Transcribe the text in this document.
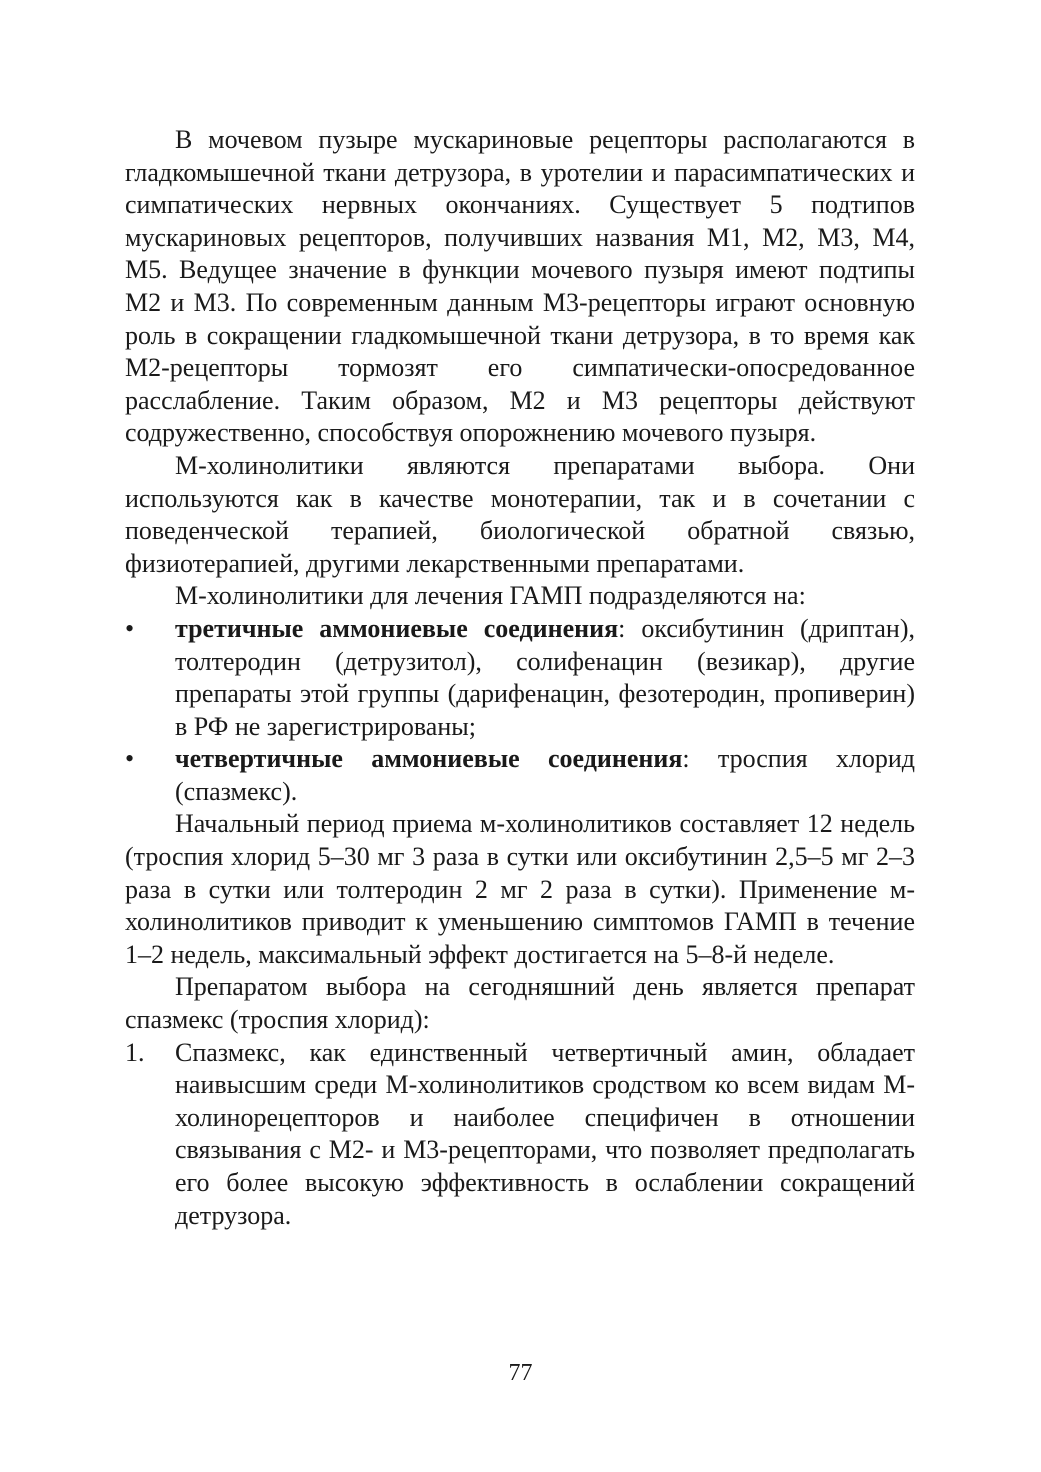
В мочевом пузыре мускариновые рецепторы располагаются в гладкомышечной ткани детрузора, в уротелии и парасимпатических и симпатических нервных окончаниях. Существует 5 подтипов мускариновых рецепторов, получивших названия М1, М2, М3, М4, М5. Ведущее значение в функции мочевого пузыря имеют подтипы М2 и М3. По современным данным М3-рецепторы играют основную роль в сокращении гладкомышечной ткани детрузора, в то время как М2-рецепторы тормозят его симпатически-опосредованное расслабление. Таким образом, М2 и М3 рецепторы действуют содружественно, способствуя опорожнению мочевого пузыря.

М-холинолитики являются препаратами выбора. Они используются как в качестве монотерапии, так и в сочетании с поведенческой терапией, биологической обратной связью, физиотерапией, другими лекарственными препаратами.

М-холинолитики для лечения ГАМП подразделяются на:

• третичные аммониевые соединения: оксибутинин (дриптан), толтеродин (детрузитол), солифенацин (везикар), другие препараты этой группы (дарифенацин, фезотеродин, пропиверин) в РФ не зарегистрированы;
• четвертичные аммониевые соединения: троспия хлорид (спазмекс).

Начальный период приема м-холинолитиков составляет 12 недель (троспия хлорид 5–30 мг 3 раза в сутки или оксибутинин 2,5–5 мг 2–3 раза в сутки или толтеродин 2 мг 2 раза в сутки). Применение м-холинолитиков приводит к уменьшению симптомов ГАМП в течение 1–2 недель, максимальный эффект достигается на 5–8-й неделе.

Препаратом выбора на сегодняшний день является препарат спазмекс (троспия хлорид):

1. Спазмекс, как единственный четвертичный амин, обладает наивысшим среди М-холинолитиков сродством ко всем видам М-холинорецепторов и наиболее специфичен в отношении связывания с М2- и М3-рецепторами, что позволяет предполагать его более высокую эффективность в ослаблении сокращений детрузора.
77
